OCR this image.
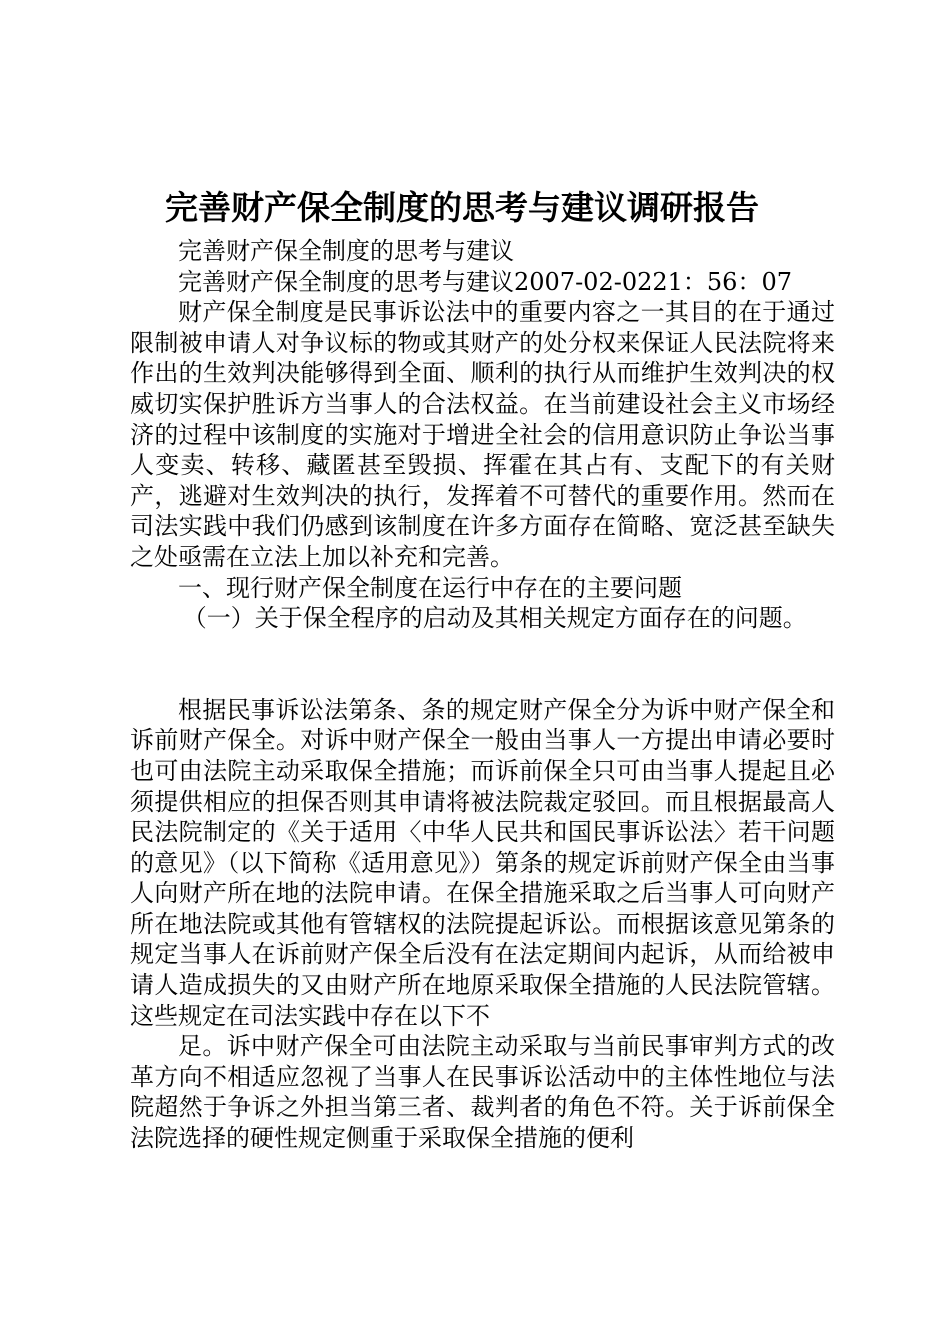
完善财产保全制度的思考与建议调研报告

完善财产保全制度的思考与建议

完善财产保全制度的思考与建议2007-02-0221：56：07

财产保全制度是民事诉讼法中的重要内容之一其目的在于通过限制被申请人对争议标的物或其财产的处分权来保证人民法院将来作出的生效判决能够得到全面、顺利的执行从而维护生效判决的权威切实保护胜诉方当事人的合法权益。在当前建设社会主义市场经济的过程中该制度的实施对于增进全社会的信用意识防止争讼当事人变卖、转移、藏匿甚至毁损、挥霍在其占有、支配下的有关财产，逃避对生效判决的执行，发挥着不可替代的重要作用。然而在司法实践中我们仍感到该制度在许多方面存在简略、宽泛甚至缺失之处亟需在立法上加以补充和完善。

一、现行财产保全制度在运行中存在的主要问题

（一）关于保全程序的启动及其相关规定方面存在的问题。

根据民事诉讼法第条、条的规定财产保全分为诉中财产保全和诉前财产保全。对诉中财产保全一般由当事人一方提出申请必要时也可由法院主动采取保全措施；而诉前保全只可由当事人提起且必须提供相应的担保否则其申请将被法院裁定驳回。而且根据最高人民法院制定的《关于适用〈中华人民共和国民事诉讼法〉若干问题的意见》（以下简称《适用意见》）第条的规定诉前财产保全由当事人向财产所在地的法院申请。在保全措施采取之后当事人可向财产所在地法院或其他有管辖权的法院提起诉讼。而根据该意见第条的规定当事人在诉前财产保全后没有在法定期间内起诉，从而给被申请人造成损失的又由财产所在地原采取保全措施的人民法院管辖。这些规定在司法实践中存在以下不

足。诉中财产保全可由法院主动采取与当前民事审判方式的改革方向不相适应忽视了当事人在民事诉讼活动中的主体性地位与法院超然于争诉之外担当第三者、裁判者的角色不符。关于诉前保全法院选择的硬性规定侧重于采取保全措施的便利
